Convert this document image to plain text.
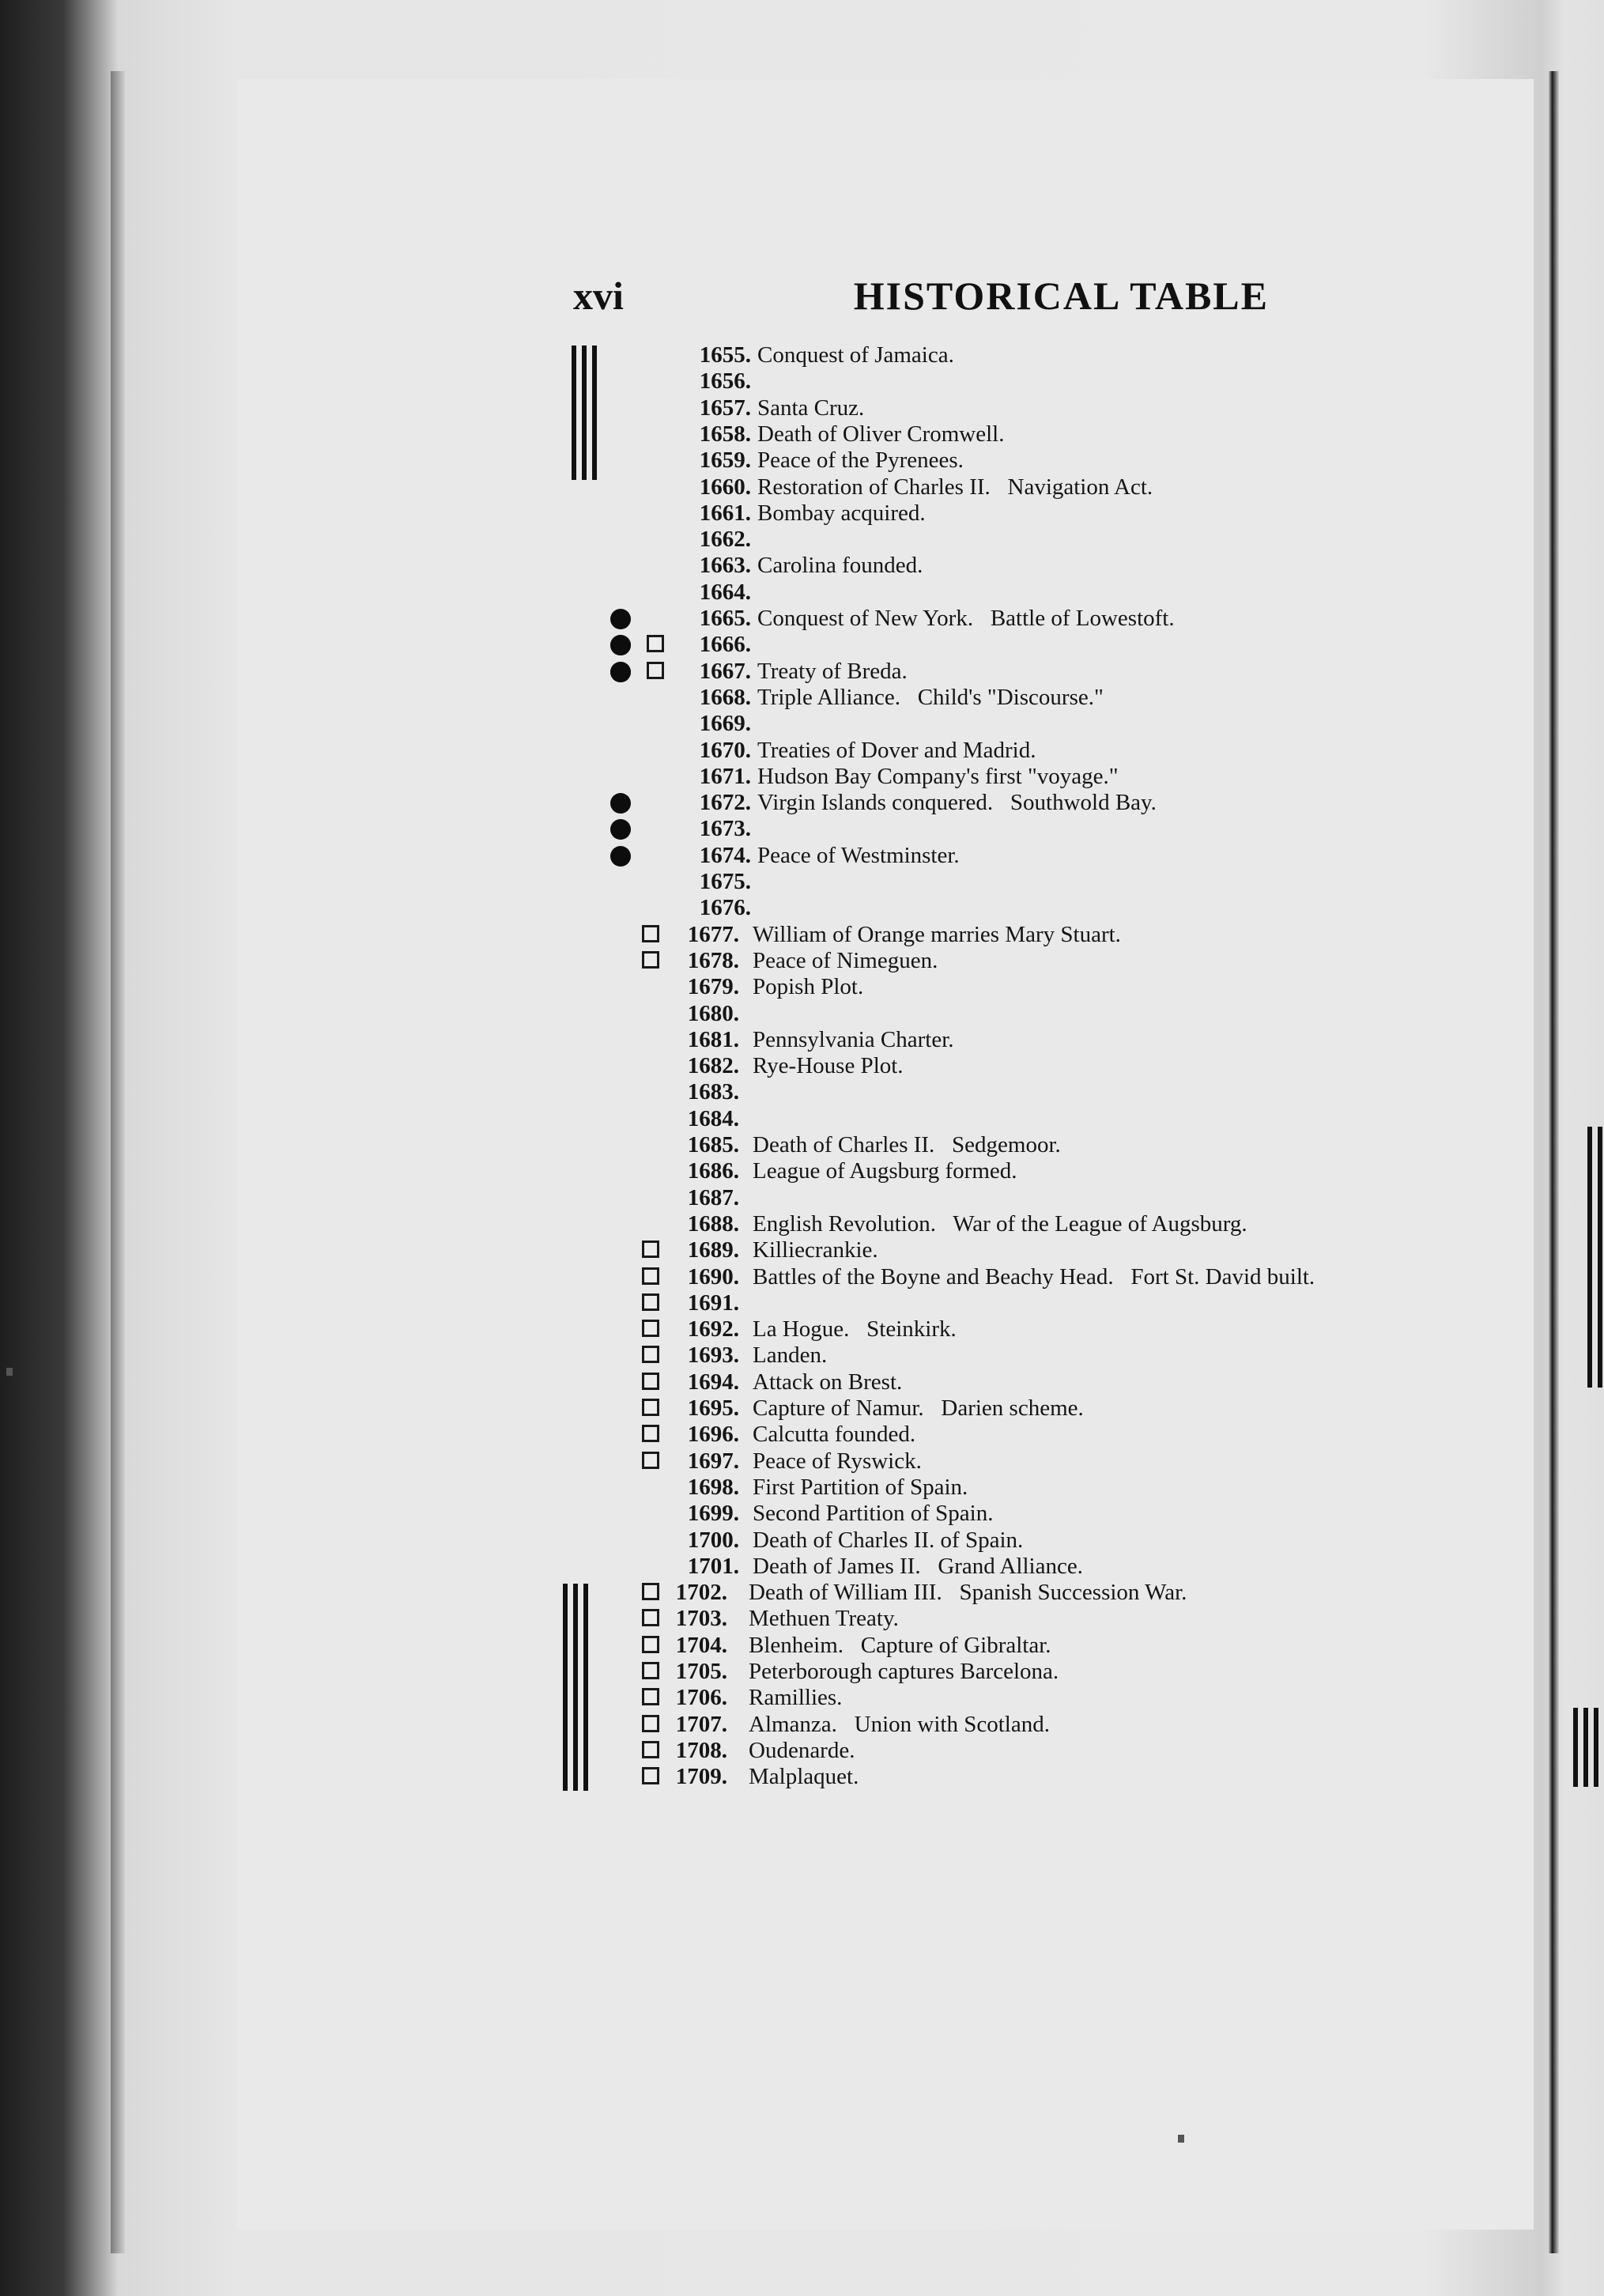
xvi	HISTORICAL TABLE
1655. Conquest of Jamaica.
1656.
1657. Santa Cruz.
1658. Death of Oliver Cromwell.
1659. Peace of the Pyrenees.
1660. Restoration of Charles II.   Navigation Act.
1661. Bombay acquired.
1662.
1663. Carolina founded.
1664.
1665. Conquest of New York.   Battle of Lowestoft.
1666.
1667. Treaty of Breda.
1668. Triple Alliance.   Child's "Discourse."
1669.
1670. Treaties of Dover and Madrid.
1671. Hudson Bay Company's first "voyage."
1672. Virgin Islands conquered.   Southwold Bay.
1673.
1674. Peace of Westminster.
1675.
1676.
1677. William of Orange marries Mary Stuart.
1678. Peace of Nimeguen.
1679. Popish Plot.
1680.
1681. Pennsylvania Charter.
1682. Rye-House Plot.
1683.
1684.
1685. Death of Charles II.   Sedgemoor.
1686. League of Augsburg formed.
1687.
1688. English Revolution.   War of the League of Augsburg.
1689. Killiecrankie.
1690. Battles of the Boyne and Beachy Head.   Fort St. David built.
1691.
1692. La Hogue.   Steinkirk.
1693. Landen.
1694. Attack on Brest.
1695. Capture of Namur.   Darien scheme.
1696. Calcutta founded.
1697. Peace of Ryswick.
1698. First Partition of Spain.
1699. Second Partition of Spain.
1700. Death of Charles II. of Spain.
1701. Death of James II.   Grand Alliance.
1702. Death of William III.   Spanish Succession War.
1703. Methuen Treaty.
1704. Blenheim.   Capture of Gibraltar.
1705. Peterborough captures Barcelona.
1706. Ramillies.
1707. Almanza.   Union with Scotland.
1708. Oudenarde.
1709. Malplaquet.
